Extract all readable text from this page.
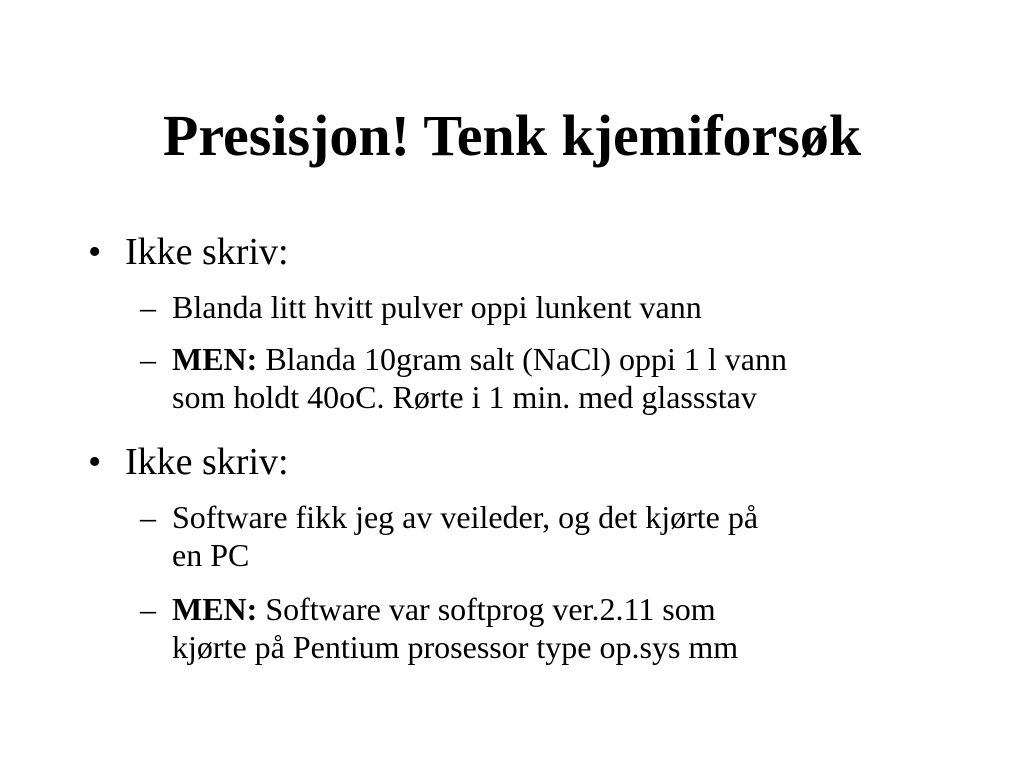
Presisjon! Tenk kjemiforsøk
• Ikke skriv:
– Blanda litt hvitt pulver oppi lunkent vann
– MEN: Blanda 10gram salt (NaCl) oppi 1 l vann
som holdt 40oC. Rørte i 1 min. med glassstav
• Ikke skriv:
– Software fikk jeg av veileder, og det kjørte på
en PC
– MEN: Software var softprog ver.2.11 som
kjørte på Pentium prosessor type op.sys mm
